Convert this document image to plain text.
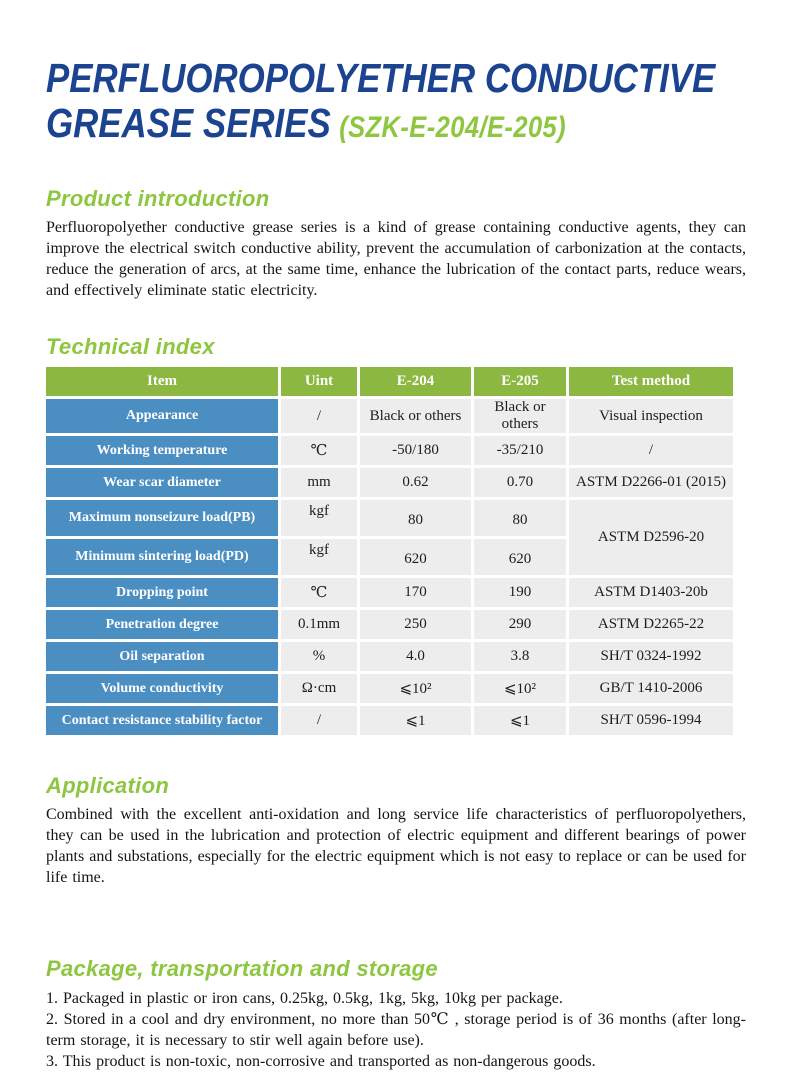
PERFLUOROPOLYETHER CONDUCTIVE
GREASE SERIES (SZK-E-204/E-205)
Product introduction
Perfluoropolyether conductive grease series is a kind of grease containing conductive agents, they can improve the electrical switch conductive ability, prevent the accumulation of carbonization at the contacts, reduce the generation of arcs, at the same time, enhance the lubrication of the contact parts, reduce wears, and effectively eliminate static electricity.
Technical index
Item	Uint	E-204	E-205	Test method
Appearance	/	Black or others	Black or others	Visual inspection
Working temperature	℃	-50/180	-35/210	/
Wear scar diameter	mm	0.62	0.70	ASTM D2266-01 (2015)
Maximum nonseizure load(PB)	kgf	80	80	ASTM D2596-20
Minimum sintering load(PD)	kgf	620	620	
Dropping point	℃	170	190	ASTM D1403-20b
Penetration degree	0.1mm	250	290	ASTM D2265-22
Oil separation	%	4.0	3.8	SH/T 0324-1992
Volume conductivity	Ω·cm	⩽10²	⩽10²	GB/T 1410-2006
Contact resistance stability factor	/	⩽1	⩽1	SH/T 0596-1994
Application
Combined with the excellent anti-oxidation and long service life characteristics of perfluoropolyethers, they can be used in the lubrication and protection of electric equipment and different bearings of power plants and substations, especially for the electric equipment which is not easy to replace or can be used for life time.
Package, transportation and storage
1. Packaged in plastic or iron cans, 0.25kg, 0.5kg, 1kg, 5kg, 10kg per package.
2. Stored in a cool and dry environment, no more than 50℃ , storage period is of 36 months (after long-term storage, it is necessary to stir well again before use).
3. This product is non-toxic, non-corrosive and transported as non-dangerous goods.
